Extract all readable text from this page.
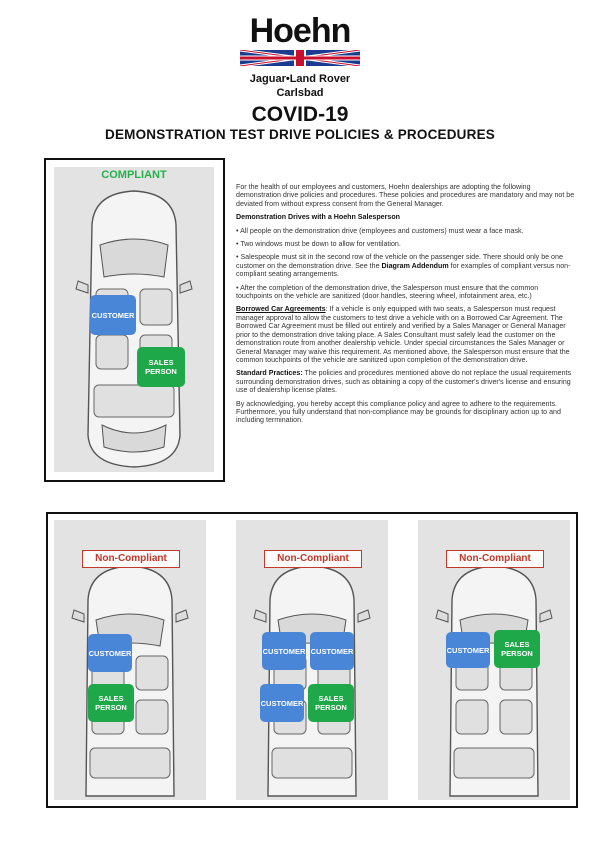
Hoehn
Jaguar•Land Rover
Carlsbad
COVID-19
DEMONSTRATION TEST DRIVE POLICIES & PROCEDURES
COMPLIANT
CUSTOMER
SALES
PERSON

For the health of our employees and customers, Hoehn dealerships are adopting the following demonstration drive policies and procedures. These policies and procedures are mandatory and may not be deviated from without express consent from the General Manager.

Demonstration Drives with a Hoehn Salesperson

• All people on the demonstration drive (employees and customers) must wear a face mask.

• Two windows must be down to allow for ventilation.

• Salespeople must sit in the second row of the vehicle on the passenger side. There should only be one customer on the demonstration drive. See the Diagram Addendum for examples of compliant versus non-compliant seating arrangements.

• After the completion of the demonstration drive, the Salesperson must ensure that the common touchpoints on the vehicle are sanitized (door handles, steering wheel, infotainment area, etc.)

Borrowed Car Agreements: If a vehicle is only equipped with two seats, a Salesperson must request manager approval to allow the customers to test drive a vehicle with on a Borrowed Car Agreement. The Borrowed Car Agreement must be filled out entirely and verified by a Sales Manager or General Manager prior to the demonstration drive taking place. A Sales Consultant must safely lead the customer on the demonstration route from another dealership vehicle. Under special circumstances the Sales Manager or General Manager may waive this requirement. As mentioned above, the Salesperson must ensure that the common touchpoints of the vehicle are sanitized upon completion of the demonstration drive.

Standard Practices: The policies and procedures mentioned above do not replace the usual requirements surrounding demonstration drives, such as obtaining a copy of the customer's driver's license and ensuring use of dealership license plates.

By acknowledging, you hereby accept this compliance policy and agree to adhere to the requirements. Furthermore, you fully understand that non-compliance may be grounds for disciplinary action up to and including termination.

Non-Compliant
CUSTOMER
SALES
PERSON
Non-Compliant
CUSTOMER CUSTOMER
CUSTOMER	SALES
PERSON
Non-Compliant
CUSTOMER
SALES
PERSON
